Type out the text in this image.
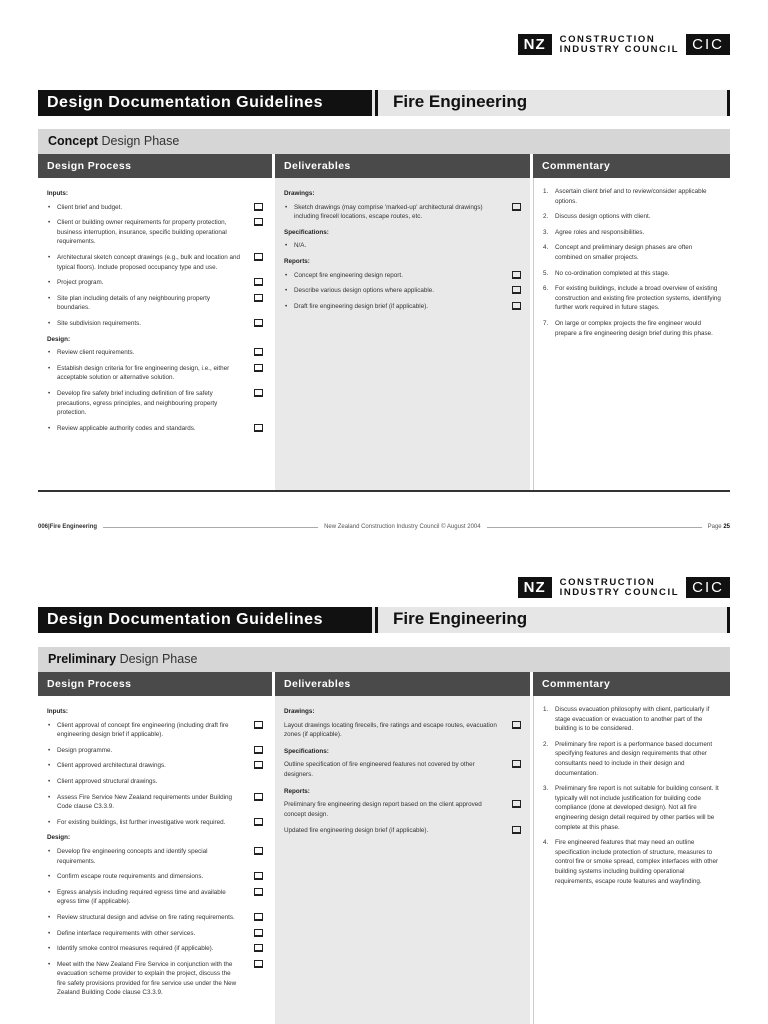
NZ	CONSTRUCTION
INDUSTRY COUNCIL CIC
Design Documentation Guidelines	Fire Engineering
Concept Design Phase
Design Process
Inputs:
• Client brief and budget.
• Client or building owner requirements for property protection, business interruption, insurance, specific building operational requirements.
• Architectural sketch concept drawings (e.g., bulk and location and typical floors). Include proposed occupancy type and use.
• Project program.
• Site plan including details of any neighbouring property boundaries.
• Site subdivision requirements.
Design:
• Review client requirements.
• Establish design criteria for fire engineering design, i.e., either acceptable solution or alternative solution.
• Develop fire safety brief including definition of fire safety precautions, egress principles, and neighbouring property protection.
• Review applicable authority codes and standards.
Deliverables
Drawings:
• Sketch drawings (may comprise 'marked-up' architectural drawings) including firecell locations, escape routes, etc.
Specifications:
• N/A.
Reports:
• Concept fire engineering design report.
• Describe various design options where applicable.
• Draft fire engineering design brief (if applicable).
Commentary
1. Ascertain client brief and to review/consider applicable options.
2. Discuss design options with client.
3. Agree roles and responsibilities.
4. Concept and preliminary design phases are often combined on smaller projects.
5. No co-ordination completed at this stage.
6. For existing buildings, include a broad overview of existing construction and existing fire protection systems, identifying further work required in future stages.
7. On large or complex projects the fire engineer would prepare a fire engineering design brief during this phase.
006|Fire Engineering	New Zealand Construction Industry Council © August 2004	Page 25
NZ	CONSTRUCTION
INDUSTRY COUNCIL CIC
Design Documentation Guidelines	Fire Engineering
Preliminary Design Phase
Design Process
Inputs:
• Client approval of concept fire engineering (including draft fire engineering design brief if applicable).
• Design programme.
• Client approved architectural drawings.
• Client approved structural drawings.
• Assess Fire Service New Zealand requirements under Building Code clause C3.3.9.
• For existing buildings, list further investigative work required.
Design:
• Develop fire engineering concepts and identify special requirements.
• Confirm escape route requirements and dimensions.
• Egress analysis including required egress time and available egress time (if applicable).
• Review structural design and advise on fire rating requirements.
• Define interface requirements with other services.
• Identify smoke control measures required (if applicable).
• Meet with the New Zealand Fire Service in conjunction with the evacuation scheme provider to explain the project, discuss the fire safety provisions provided for fire service use under the New Zealand Building Code clause C3.3.9.
Deliverables
Drawings:
Layout drawings locating firecells, fire ratings and escape routes, evacuation zones (if applicable).
Specifications:
Outline specification of fire engineered features not covered by other designers.
Reports:
Preliminary fire engineering design report based on the client approved concept design.
Updated fire engineering design brief (if applicable).
Commentary
1. Discuss evacuation philosophy with client, particularly if stage evacuation or evacuation to another part of the building is to be considered.
2. Preliminary fire report is a performance based document specifying features and design requirements that other consultants need to include in their design and documentation.
3. Preliminary fire report is not suitable for building consent. It typically will not include justification for building code compliance (done at developed design). Not all fire engineering design detail required by other parties will be complete at this phase.
4. Fire engineered features that may need an outline specification include protection of structure, measures to control fire or smoke spread, complex interfaces with other building systems including building operational requirements, escape route features and wayfinding.
